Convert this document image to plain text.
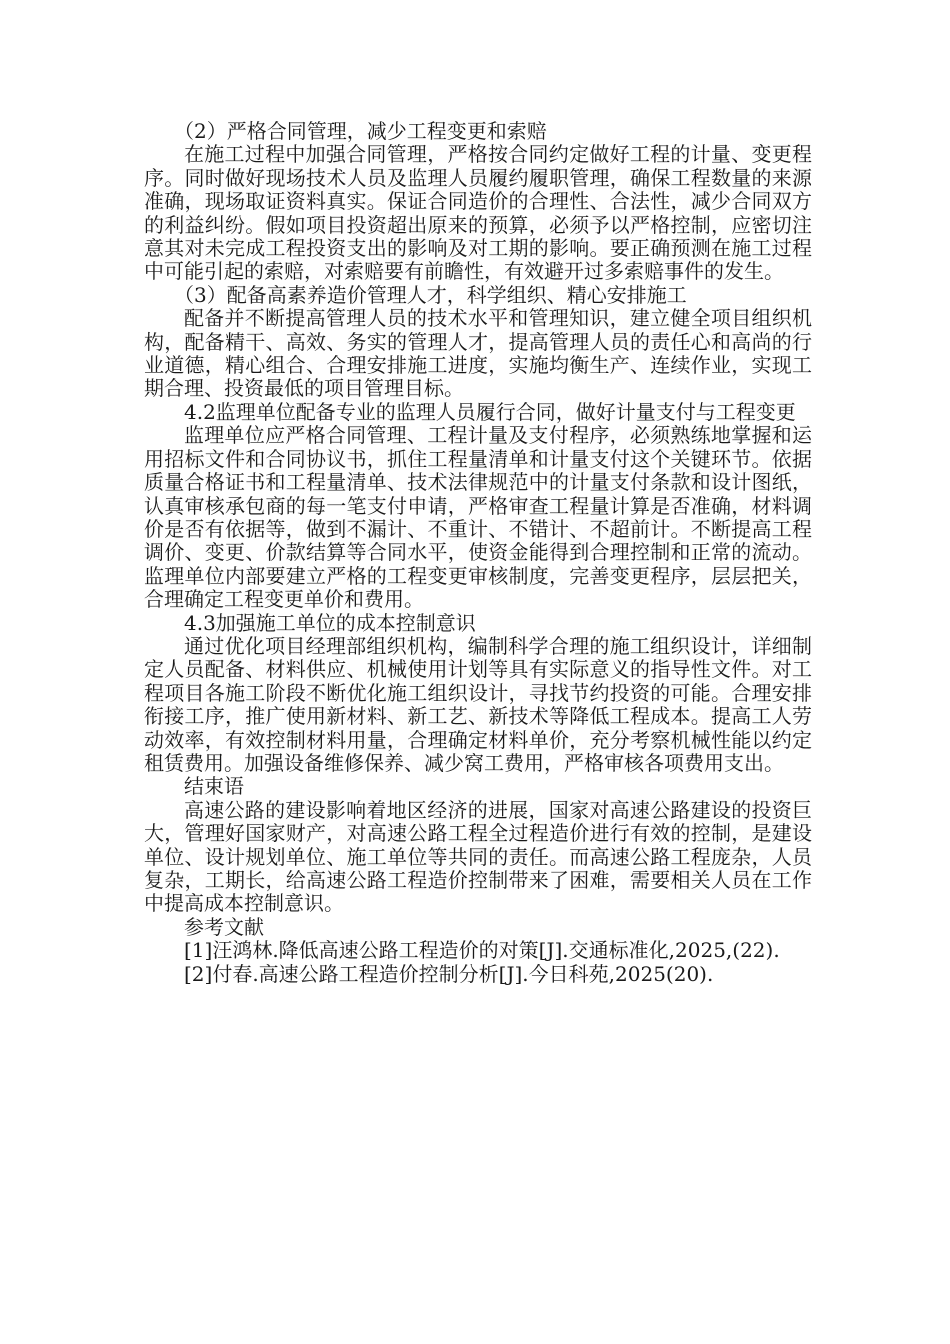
（2）严格合同管理，减少工程变更和索赔

在施工过程中加强合同管理，严格按合同约定做好工程的计量、变更程序。同时做好现场技术人员及监理人员履约履职管理，确保工程数量的来源准确，现场取证资料真实。保证合同造价的合理性、合法性，减少合同双方的利益纠纷。假如项目投资超出原来的预算，必须予以严格控制，应密切注意其对未完成工程投资支出的影响及对工期的影响。要正确预测在施工过程中可能引起的索赔，对索赔要有前瞻性，有效避开过多索赔事件的发生。

（3）配备高素养造价管理人才，科学组织、精心安排施工

配备并不断提高管理人员的技术水平和管理知识，建立健全项目组织机构，配备精干、高效、务实的管理人才，提高管理人员的责任心和高尚的行业道德，精心组合、合理安排施工进度，实施均衡生产、连续作业，实现工期合理、投资最低的项目管理目标。

4.2监理单位配备专业的监理人员履行合同，做好计量支付与工程变更

监理单位应严格合同管理、工程计量及支付程序，必须熟练地掌握和运用招标文件和合同协议书，抓住工程量清单和计量支付这个关键环节。依据质量合格证书和工程量清单、技术法律规范中的计量支付条款和设计图纸，认真审核承包商的每一笔支付申请，严格审查工程量计算是否准确，材料调价是否有依据等，做到不漏计、不重计、不错计、不超前计。不断提高工程调价、变更、价款结算等合同水平，使资金能得到合理控制和正常的流动。监理单位内部要建立严格的工程变更审核制度，完善变更程序，层层把关，合理确定工程变更单价和费用。

4.3加强施工单位的成本控制意识

通过优化项目经理部组织机构，编制科学合理的施工组织设计，详细制定人员配备、材料供应、机械使用计划等具有实际意义的指导性文件。对工程项目各施工阶段不断优化施工组织设计，寻找节约投资的可能。合理安排衔接工序，推广使用新材料、新工艺、新技术等降低工程成本。提高工人劳动效率，有效控制材料用量，合理确定材料单价，充分考察机械性能以约定租赁费用。加强设备维修保养、减少窝工费用，严格审核各项费用支出。

结束语

高速公路的建设影响着地区经济的进展，国家对高速公路建设的投资巨大，管理好国家财产，对高速公路工程全过程造价进行有效的控制，是建设单位、设计规划单位、施工单位等共同的责任。而高速公路工程庞杂，人员复杂，工期长，给高速公路工程造价控制带来了困难，需要相关人员在工作中提高成本控制意识。

参考文献

[1]汪鸿林.降低高速公路工程造价的对策[J].交通标准化,2025,(22).

[2]付春.高速公路工程造价控制分析[J].今日科苑,2025(20).
